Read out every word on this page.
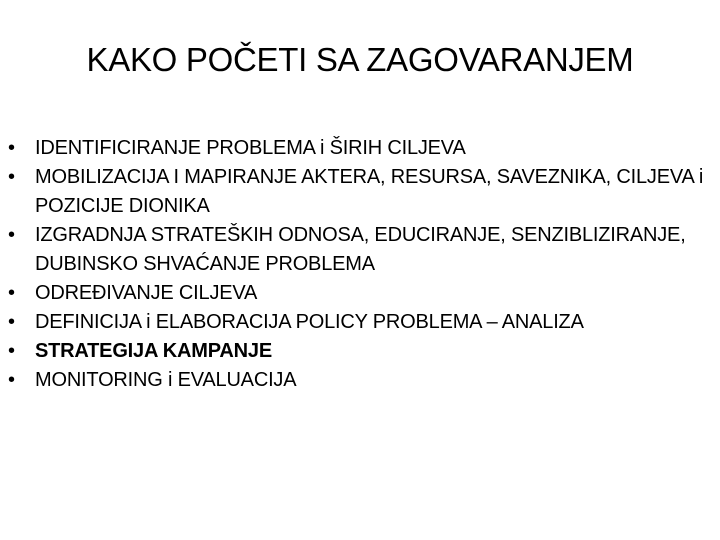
KAKO POČETI SA ZAGOVARANJEM
•	IDENTIFICIRANJE PROBLEMA i ŠIRIH CILJEVA
•	MOBILIZACIJA I MAPIRANJE AKTERA, RESURSA, SAVEZNIKA, CILJEVA i POZICIJE DIONIKA
•	IZGRADNJA STRATEŠKIH ODNOSA, EDUCIRANJE, SENZIBLIZIRANJE, DUBINSKO SHVAĆANJE PROBLEMA
•	ODREĐIVANJE CILJEVA
•	DEFINICIJA i ELABORACIJA POLICY PROBLEMA – ANALIZA
•	STRATEGIJA KAMPANJE
•	MONITORING i EVALUACIJA
